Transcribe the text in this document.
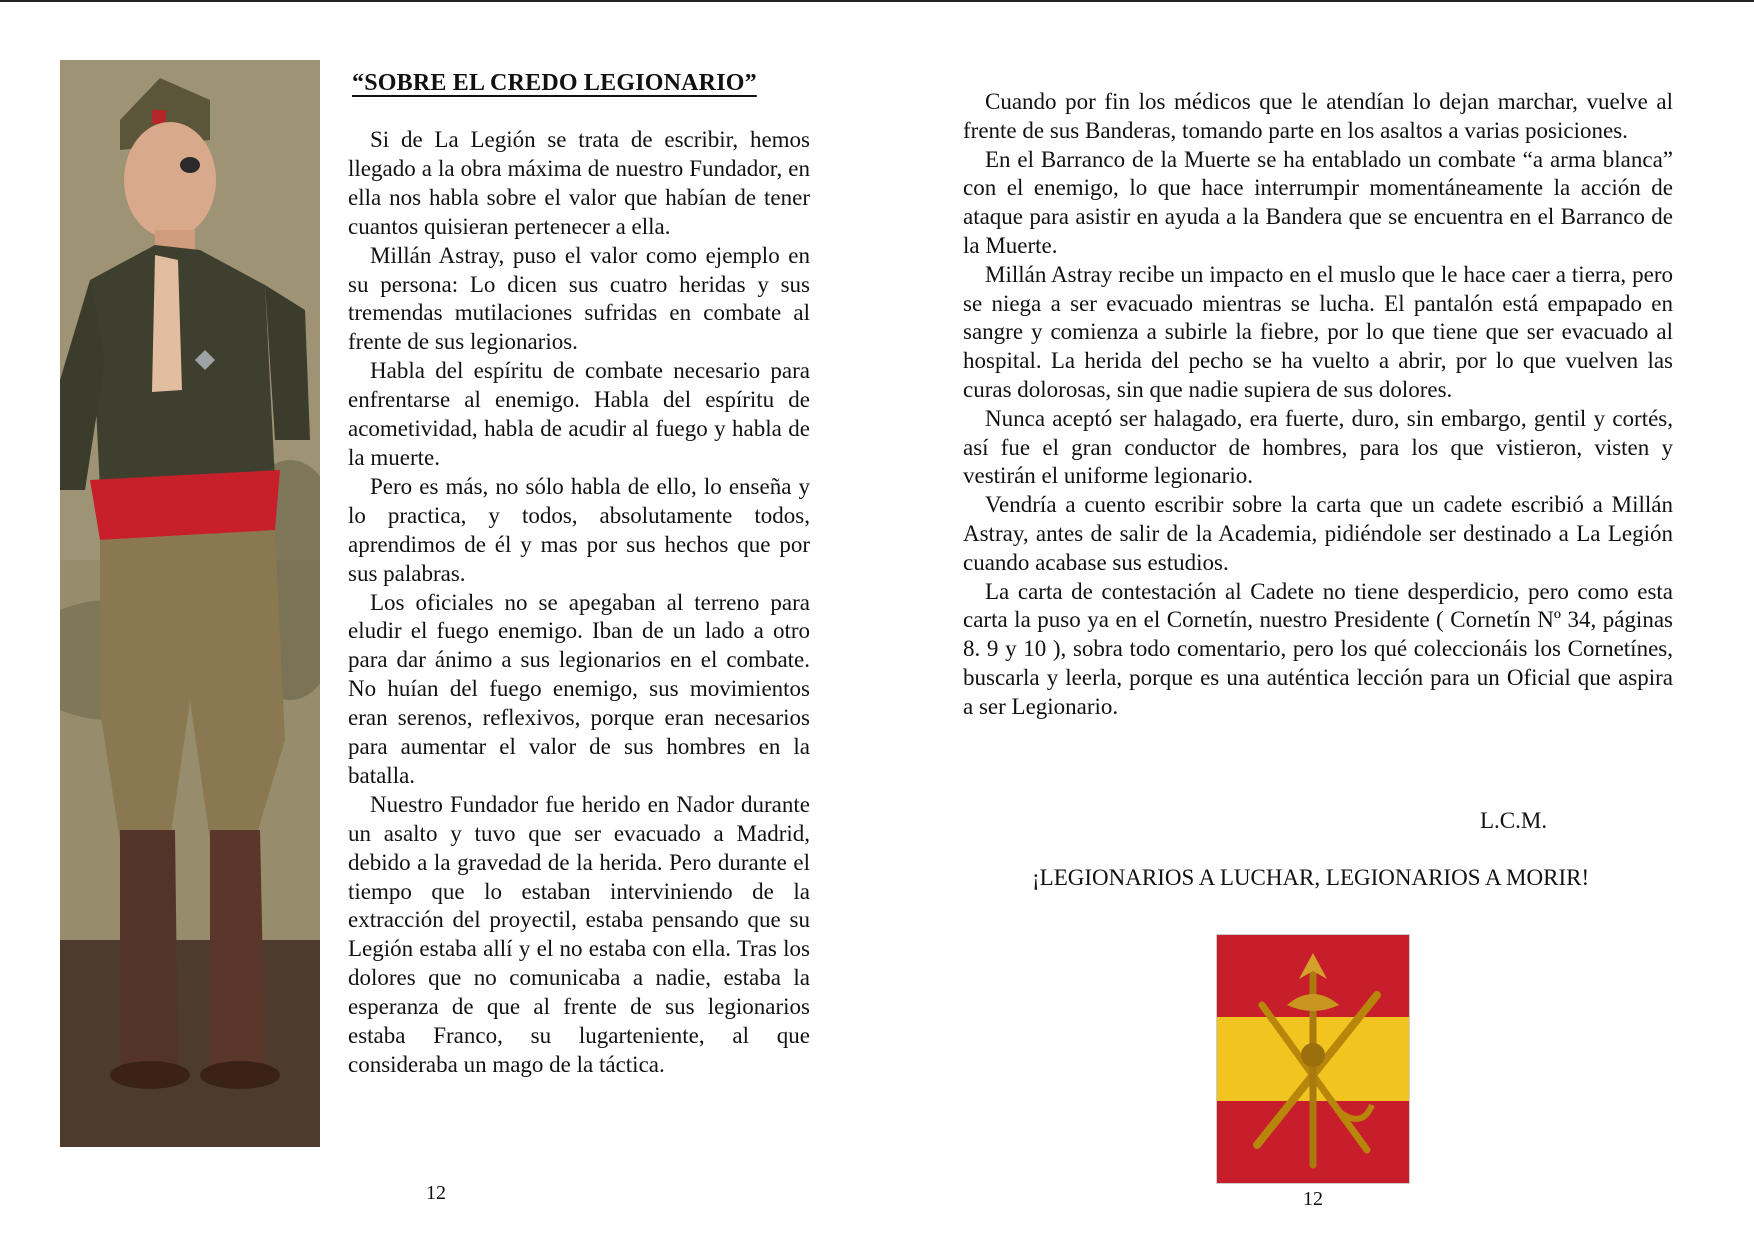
“SOBRE EL CREDO LEGIONARIO”

Si de La Legión se trata de escribir, hemos llegado a la obra máxima de nuestro Fundador, en ella nos habla sobre el valor que habían de tener cuantos quisieran pertenecer a ella.

Millán Astray, puso el valor como ejemplo en su persona: Lo dicen sus cuatro heridas y sus tremendas mutilaciones sufridas en combate al frente de sus legionarios.

Habla del espíritu de combate necesario para enfrentarse al enemigo. Habla del espíritu de acometividad, habla de acudir al fuego y habla de la muerte.

Pero es más, no sólo habla de ello, lo enseña y lo practica, y todos, absolutamente todos, aprendimos de él y mas por sus hechos que por sus palabras.

Los oficiales no se apegaban al terreno para eludir el fuego enemigo. Iban de un lado a otro para dar ánimo a sus legionarios en el combate. No huían del fuego enemigo, sus movimientos eran serenos, reflexivos, porque eran necesarios para aumentar el valor de sus hombres en la batalla.

Nuestro Fundador fue herido en Nador durante un asalto y tuvo que ser evacuado a Madrid, debido a la gravedad de la herida. Pero durante el tiempo que lo estaban interviniendo de la extracción del proyectil, estaba pensando que su Legión estaba allí y el no estaba con ella. Tras los dolores que no comunicaba a nadie, estaba la esperanza de que al frente de sus legionarios estaba Franco, su lugarteniente, al que consideraba un mago de la táctica.

12

Cuando por fin los médicos que le atendían lo dejan marchar, vuelve al frente de sus Banderas, tomando parte en los asaltos a varias posiciones.

En el Barranco de la Muerte se ha entablado un combate “a arma blanca” con el enemigo, lo que hace interrumpir momentáneamente la acción de ataque para asistir en ayuda a la Bandera que se encuentra en el Barranco de la Muerte.

Millán Astray recibe un impacto en el muslo que le hace caer a tierra, pero se niega a ser evacuado mientras se lucha. El pantalón está empapado en sangre y comienza a subirle la fiebre, por lo que tiene que ser evacuado al hospital. La herida del pecho se ha vuelto a abrir, por lo que vuelven las curas dolorosas, sin que nadie supiera de sus dolores.

Nunca aceptó ser halagado, era fuerte, duro, sin embargo, gentil y cortés, así fue el gran conductor de hombres, para los que vistieron, visten y vestirán el uniforme legionario.

Vendría a cuento escribir sobre la carta que un cadete escribió a Millán Astray, antes de salir de la Academia, pidiéndole ser destinado a La Legión cuando acabase sus estudios.

La carta de contestación al Cadete no tiene desperdicio, pero como esta carta la puso ya en el Cornetín, nuestro Presidente ( Cornetín Nº 34, páginas 8. 9 y 10 ), sobra todo comentario, pero los qué coleccionáis los Cornetínes, buscarla y leerla, porque es una auténtica lección para un Oficial que aspira a ser Legionario.

L.C.M.
¡LEGIONARIOS A LUCHAR, LEGIONARIOS A MORIR!
12
